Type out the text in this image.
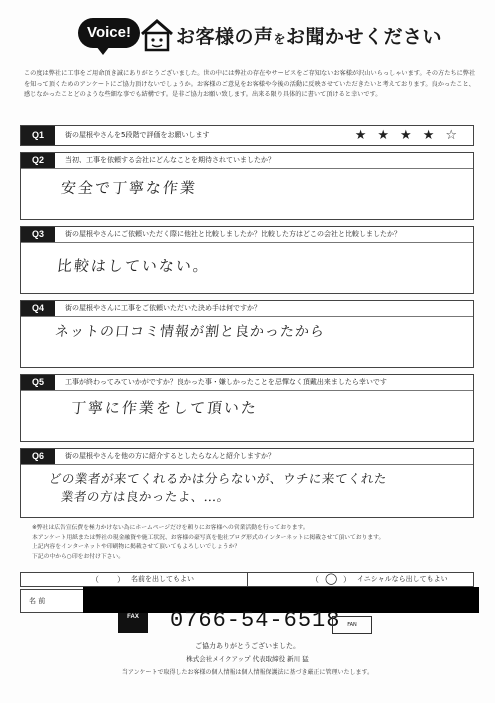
Voice!	お客様の声をお聞かせください
この度は弊社に工事をご用命頂き誠にありがとうございました。世の中には弊社の存在やサービスをご存知ないお客様が沢山いらっしゃいます。その方たちに弊社を知って頂くためのアンケートにご協力頂けないでしょうか。お客様のご意見をお客様や今後の活動に反映させていただきたいと考えております。良かったこと、感じなかったことどのような些細な事でも結構です。是非ご協力お願い致します。出来る限り具体的に書いて頂けると幸いです。
Q1	街の屋根やさんを5段階で評価をお願いします	★ ★ ★ ★ ☆
Q2	当初、工事を依頼する会社にどんなことを期待されていましたか？
安全で丁寧な作業
Q3	街の屋根やさんにご依頼いただく際に他社と比較しましたか？比較した方はどこの会社と比較しましたか？
比較はしていない。
Q4	街の屋根やさんに工事をご依頼いただいた決め手は何ですか？
ネットの口コミ情報が割と良かったから
Q5	工事が終わってみていかがですか？良かった事・嫌しかったことを忌憚なく頂戴出来ましたら幸いです
丁寧に作業をして頂いた
Q6	街の屋根やさんを他の方に紹介するとしたらなんと紹介しますか？
どの業者が来てくれるかは分らないが、ウチに来てくれた
業者の方は良かったよ、…。
※弊社は広告宣伝費を極力かけない為にホームページだけを頼りにお客様への営業活動を行っております。
本アンケート用紙または弊社の現金融資や施工状況、お客様の豪写真を他社ブログ形式のインターネットに掲載させて頂いております。
上記内容をインターネットや印刷物に掲載させて頂いてもよろしいでしょうか？
下記の中から○印をお付け下さい。
（ ） 名前を出してもよい	（ ◯ ） イニシャルなら出してもよい
名 前
FAX	0766-54-6518	FAN
ご協力ありがとうございました。
株式会社メイクアップ 代表取締役 新川 猛
当アンケートで取得したお客様の個人情報は個人情報保護法に基づき厳正に管理いたします。
